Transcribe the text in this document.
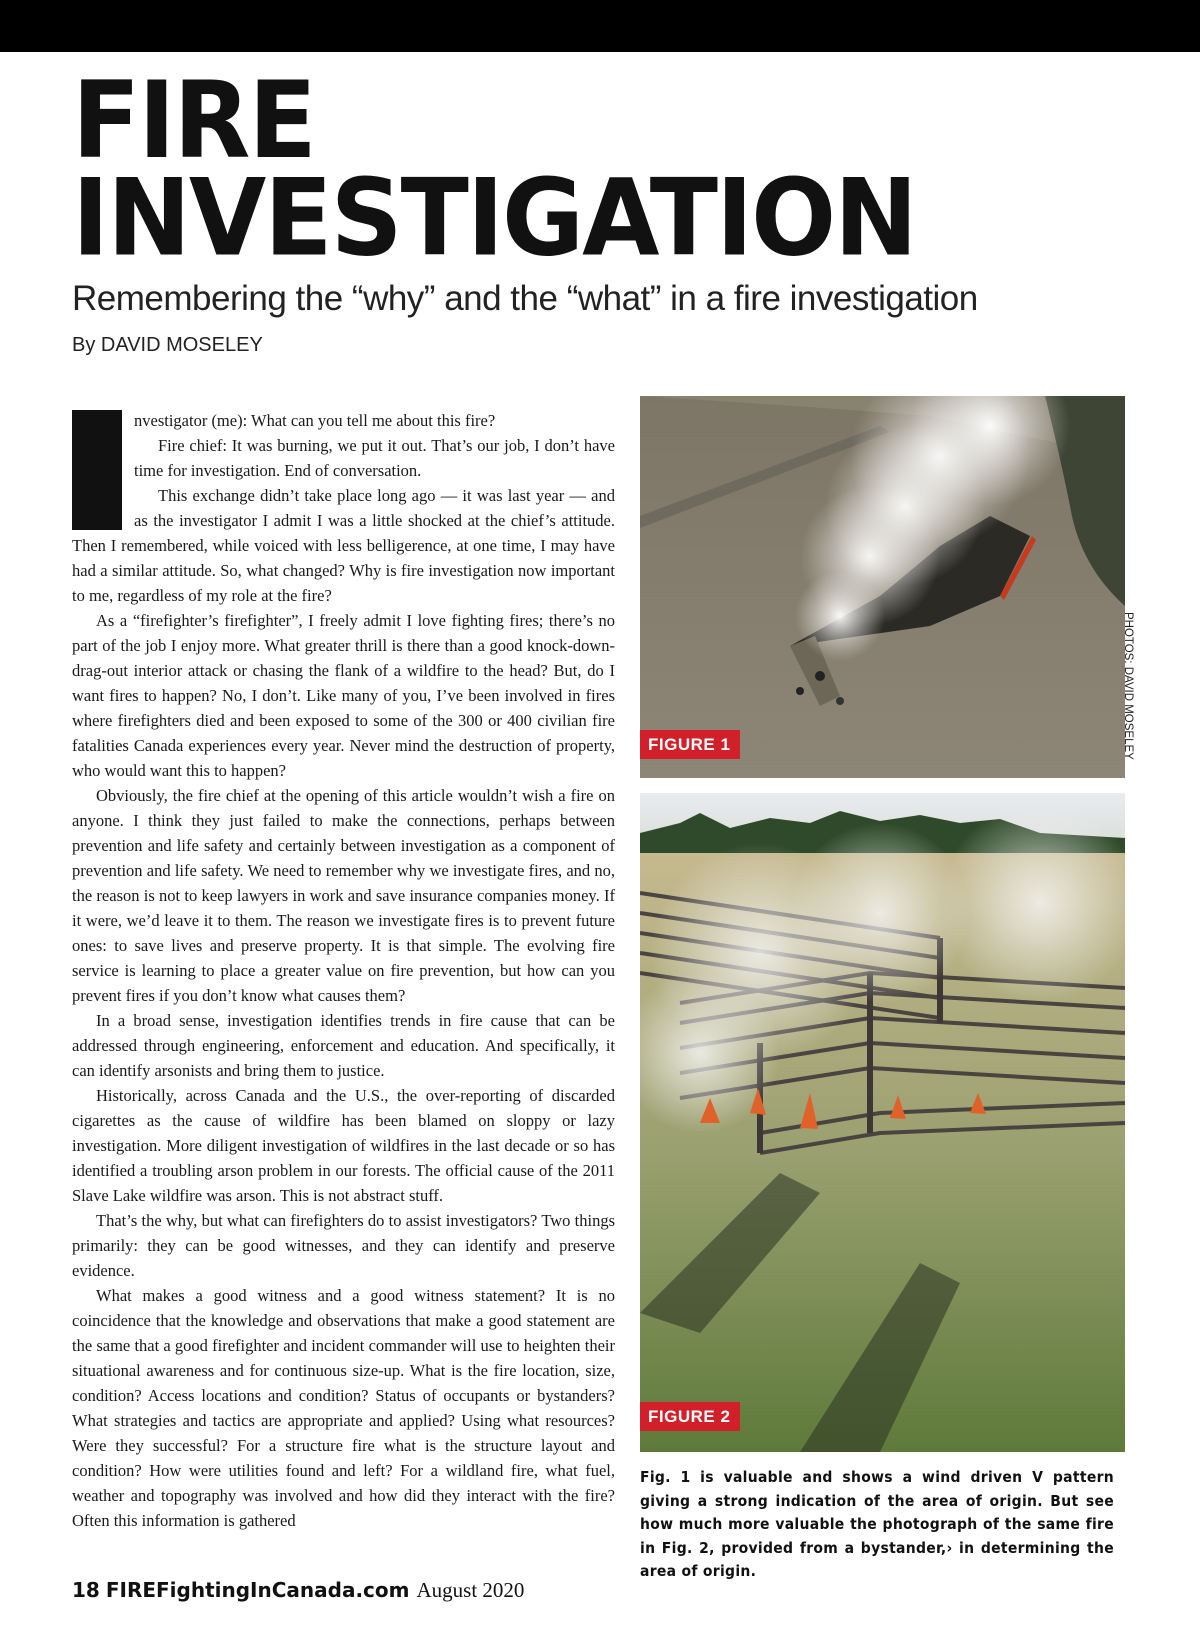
FIRE
INVESTIGATION
Remembering the “why” and the “what” in a fire investigation
By DAVID MOSELEY

nvestigator (me): What can you tell me about this fire?

Fire chief: It was burning, we put it out. That’s our job, I don’t have time for investigation. End of conversation.

This exchange didn’t take place long ago — it was last year — and as the investigator I admit I was a little shocked at the chief’s attitude. Then I remembered, while voiced with less belligerence, at one time, I may have had a similar attitude. So, what changed? Why is fire investigation now important to me, regardless of my role at the fire?

As a “firefighter’s firefighter”, I freely admit I love fighting fires; there’s no part of the job I enjoy more. What greater thrill is there than a good knock-down-drag-out interior attack or chasing the flank of a wildfire to the head? But, do I want fires to happen? No, I don’t. Like many of you, I’ve been involved in fires where firefighters died and been exposed to some of the 300 or 400 civilian fire fatalities Canada experiences every year. Never mind the destruction of property, who would want this to happen?

Obviously, the fire chief at the opening of this article wouldn’t wish a fire on anyone. I think they just failed to make the connections, perhaps between prevention and life safety and certainly between investigation as a component of prevention and life safety. We need to remember why we investigate fires, and no, the reason is not to keep lawyers in work and save insurance companies money. If it were, we’d leave it to them. The reason we investigate fires is to prevent future ones: to save lives and preserve property. It is that simple. The evolving fire service is learning to place a greater value on fire prevention, but how can you prevent fires if you don’t know what causes them?

In a broad sense, investigation identifies trends in fire cause that can be addressed through engineering, enforcement and education. And specifically, it can identify arsonists and bring them to justice.

Historically, across Canada and the U.S., the over-reporting of discarded cigarettes as the cause of wildfire has been blamed on sloppy or lazy investigation. More diligent investigation of wildfires in the last decade or so has identified a troubling arson problem in our forests. The official cause of the 2011 Slave Lake wildfire was arson. This is not abstract stuff.

That’s the why, but what can firefighters do to assist investigators? Two things primarily: they can be good witnesses, and they can identify and preserve evidence.

What makes a good witness and a good witness statement? It is no coincidence that the knowledge and observations that make a good statement are the same that a good firefighter and incident commander will use to heighten their situational awareness and for continuous size-up. What is the fire location, size, condition? Access locations and condition? Status of occupants or bystanders? What strategies and tactics are appropriate and applied? Using what resources? Were they successful? For a structure fire what is the structure layout and condition? How were utilities found and left? For a wildland fire, what fuel, weather and topography was involved and how did they interact with the fire? Often this information is gathered

FIGURE 1	PHOTOS: DAVID MOSELEY
FIGURE 2

Fig. 1 is valuable and shows a wind driven V pattern giving a strong indication of the area of origin. But see how much more valuable the photograph of the same fire in Fig. 2, provided from a bystander,› in determining the area of origin.

18 FIREFightingInCanada.com August 2020
